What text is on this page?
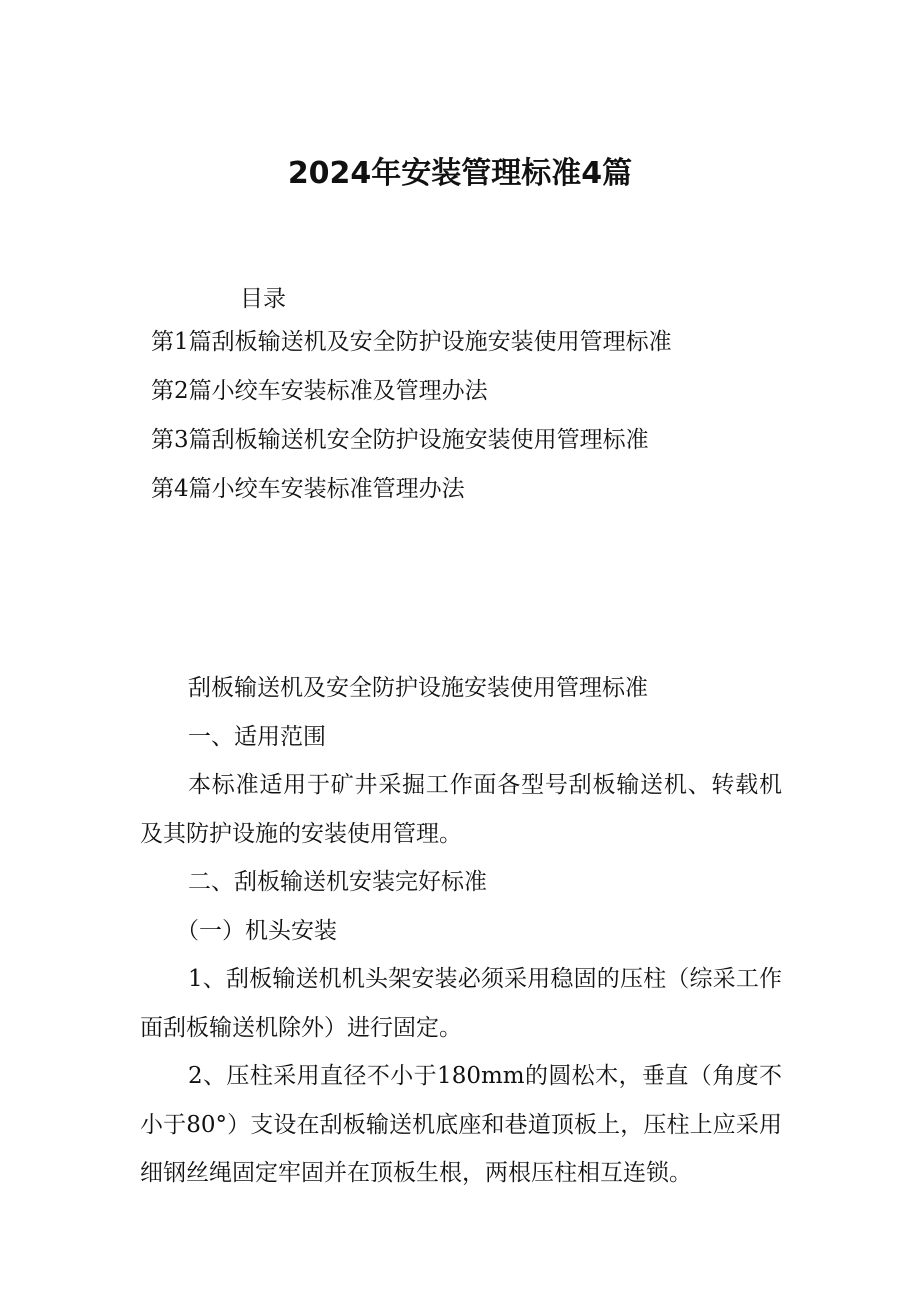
2024年安装管理标准4篇
目录
第1篇刮板输送机及安全防护设施安装使用管理标准
第2篇小绞车安装标准及管理办法
第3篇刮板输送机安全防护设施安装使用管理标准
第4篇小绞车安装标准管理办法

刮板输送机及安全防护设施安装使用管理标准

一、适用范围

本标准适用于矿井采掘工作面各型号刮板输送机、转载机及其防护设施的安装使用管理。

二、刮板输送机安装完好标准

（一）机头安装

1、刮板输送机机头架安装必须采用稳固的压柱（综采工作面刮板输送机除外）进行固定。

2、压柱采用直径不小于180mm的圆松木，垂直（角度不小于80°）支设在刮板输送机底座和巷道顶板上，压柱上应采用细钢丝绳固定牢固并在顶板生根，两根压柱相互连锁。
